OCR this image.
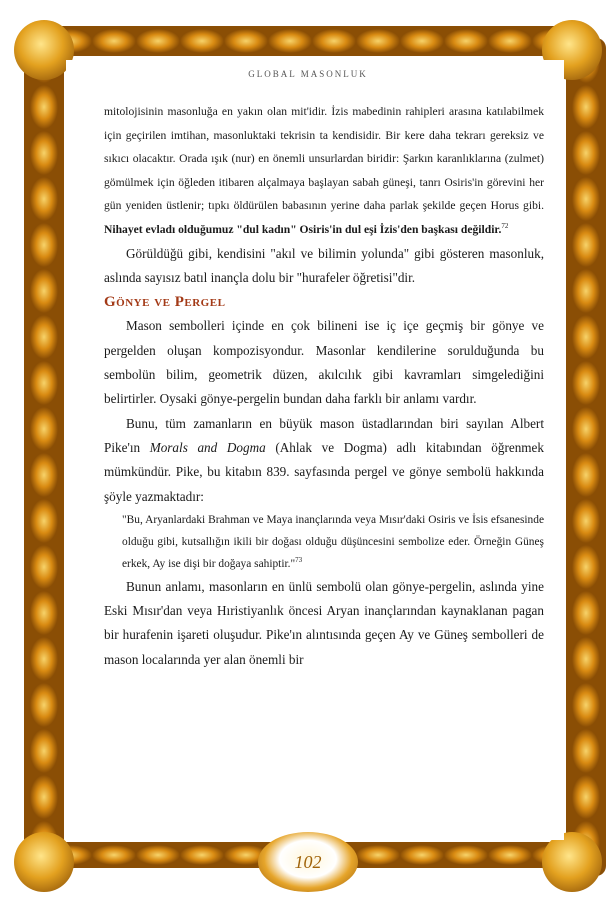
GLOBAL MASONLUK

mitolojisinin masonluğa en yakın olan mit'idir. İzis mabedinin rahipleri arasına katılabilmek için geçirilen imtihan, masonluktaki tekrisin ta kendisidir. Bir kere daha tekrarı gereksiz ve sıkıcı olacaktır. Orada ışık (nur) en önemli unsurlardan biridir: Şarkın karanlıklarına (zulmet) gömülmek için öğleden itibaren alçalmaya başlayan sabah güneşi, tanrı Osiris'in görevini her gün yeniden üstlenir; tıpkı öldürülen babasının yerine daha parlak şekilde geçen Horus gibi. Nihayet evladı olduğumuz "dul kadın" Osiris'in dul eşi İzis'den başkası değildir.$^{72}$

Görüldüğü gibi, kendisini "akıl ve bilimin yolunda" gibi gösteren masonluk, aslında sayısız batıl inançla dolu bir "hurafeler öğretisi"dir.

Gönye ve Pergel

Mason sembolleri içinde en çok bilineni ise iç içe geçmiş bir gönye ve pergelden oluşan kompozisyondur. Masonlar kendilerine sorulduğunda bu sembolün bilim, geometrik düzen, akılcılık gibi kavramları simgelediğini belirtirler. Oysaki gönye-pergelin bundan daha farklı bir anlamı vardır.

Bunu, tüm zamanların en büyük mason üstadlarından biri sayılan Albert Pike'ın Morals and Dogma (Ahlak ve Dogma) adlı kitabından öğrenmek mümkündür. Pike, bu kitabın 839. sayfasında pergel ve gönye sembolü hakkında şöyle yazmaktadır:

"Bu, Aryanlardaki Brahman ve Maya inançlarında veya Mısır'daki Osiris ve İsis efsanesinde olduğu gibi, kutsallığın ikili bir doğası olduğu düşüncesini sembolize eder. Örneğin Güneş erkek, Ay ise dişi bir doğaya sahiptir."$^{73}$

Bunun anlamı, masonların en ünlü sembolü olan gönye-pergelin, aslında yine Eski Mısır'dan veya Hıristiyanlık öncesi Aryan inançlarından kaynaklanan pagan bir hurafenin işareti oluşudur. Pike'ın alıntısında geçen Ay ve Güneş sembolleri de mason localarında yer alan önemli bir

102
